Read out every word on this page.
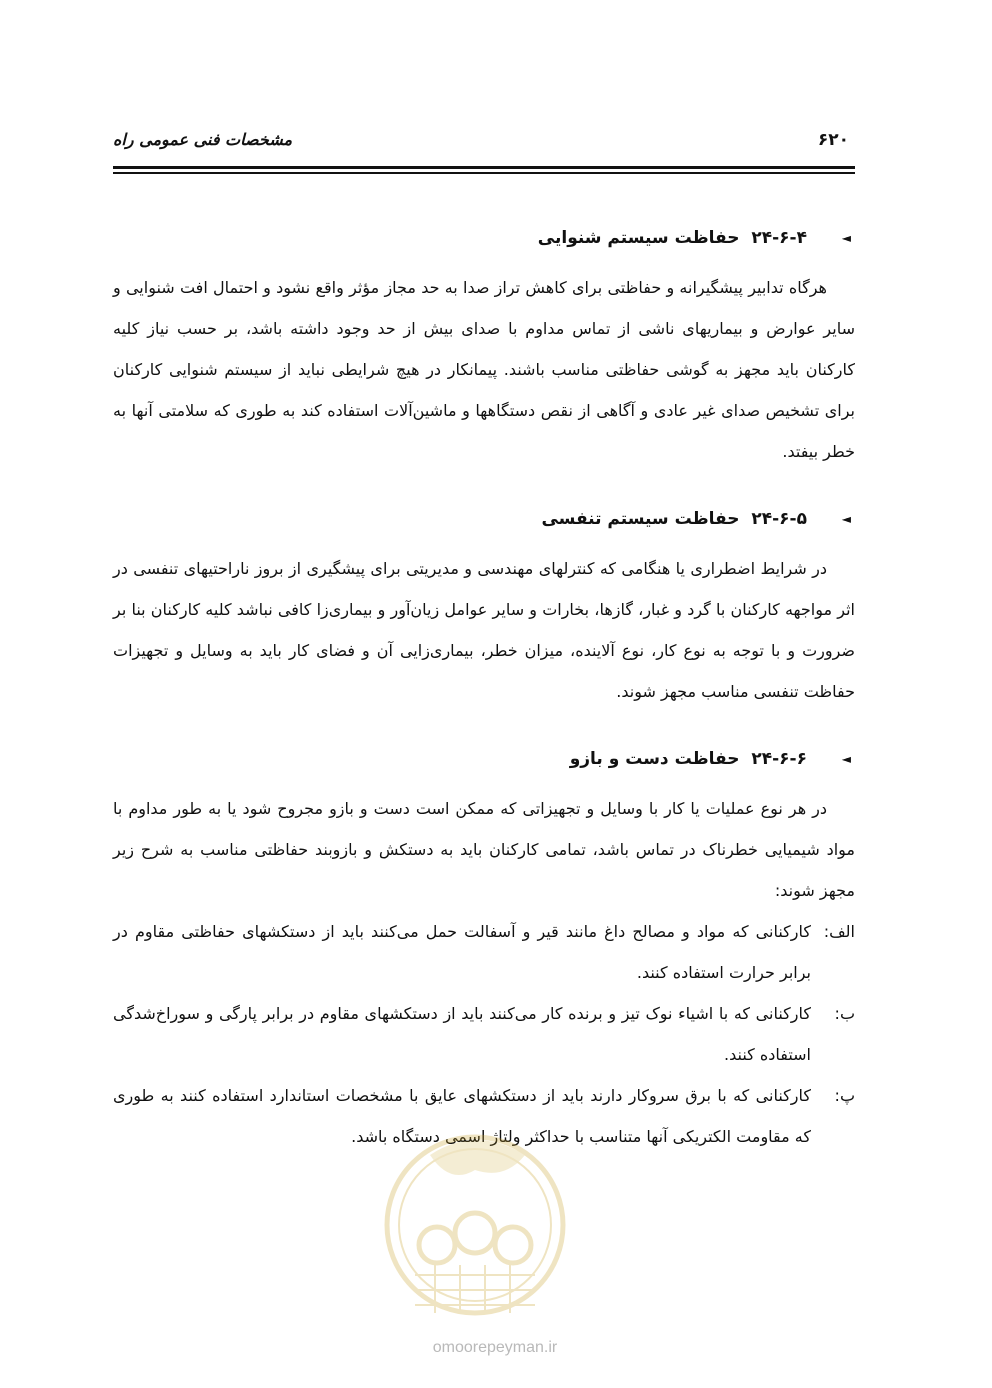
۶۲۰
مشخصات فنی عمومی راه
◄
۲۴-۶-۴ حفاظت سیستم شنوایی

هرگاه تدابیر پیشگیرانه و حفاظتی برای کاهش تراز صدا به حد مجاز مؤثر واقع نشود و احتمال افت شنوایی و سایر عوارض و بیماریهای ناشی از تماس مداوم با صدای بیش از حد وجود داشته باشد، بر حسب نیاز کلیه کارکنان باید مجهز به گوشی حفاظتی مناسب باشند. پیمانکار در هیچ شرایطی نباید از سیستم شنوایی کارکنان برای تشخیص صدای غیر عادی و آگاهی از نقص دستگاهها و ماشین‌آلات استفاده کند به طوری که سلامتی آنها به خطر بیفتد.

◄
۲۴-۶-۵ حفاظت سیستم تنفسی

در شرایط اضطراری یا هنگامی که کنترلهای مهندسی و مدیریتی برای پیشگیری از بروز ناراحتیهای تنفسی در اثر مواجهه کارکنان با گرد و غبار، گازها، بخارات و سایر عوامل زیان‌آور و بیماری‌زا کافی نباشد کلیه کارکنان بنا بر ضرورت و با توجه به نوع کار، نوع آلاینده، میزان خطر، بیماری‌زایی آن و فضای کار باید به وسایل و تجهیزات حفاظت تنفسی مناسب مجهز شوند.

◄
۲۴-۶-۶ حفاظت دست و بازو

در هر نوع عملیات یا کار با وسایل و تجهیزاتی که ممکن است دست و بازو مجروح شود یا به طور مداوم با مواد شیمیایی خطرناک در تماس باشد، تمامی کارکنان باید به دستکش و بازوبند حفاظتی مناسب به شرح زیر مجهز شوند:

الف:
کارکنانی که مواد و مصالح داغ مانند قیر و آسفالت حمل می‌کنند باید از دستکشهای حفاظتی مقاوم در برابر حرارت استفاده کنند.
ب:
کارکنانی که با اشیاء نوک تیز و برنده کار می‌کنند باید از دستکشهای مقاوم در برابر پارگی و سوراخ‌شدگی استفاده کنند.
پ:
کارکنانی که با برق سروکار دارند باید از دستکشهای عایق با مشخصات استاندارد استفاده کنند به طوری که مقاومت الکتریکی آنها متناسب با حداکثر ولتاژ اسمی دستگاه باشد.
omoorepeyman.ir
